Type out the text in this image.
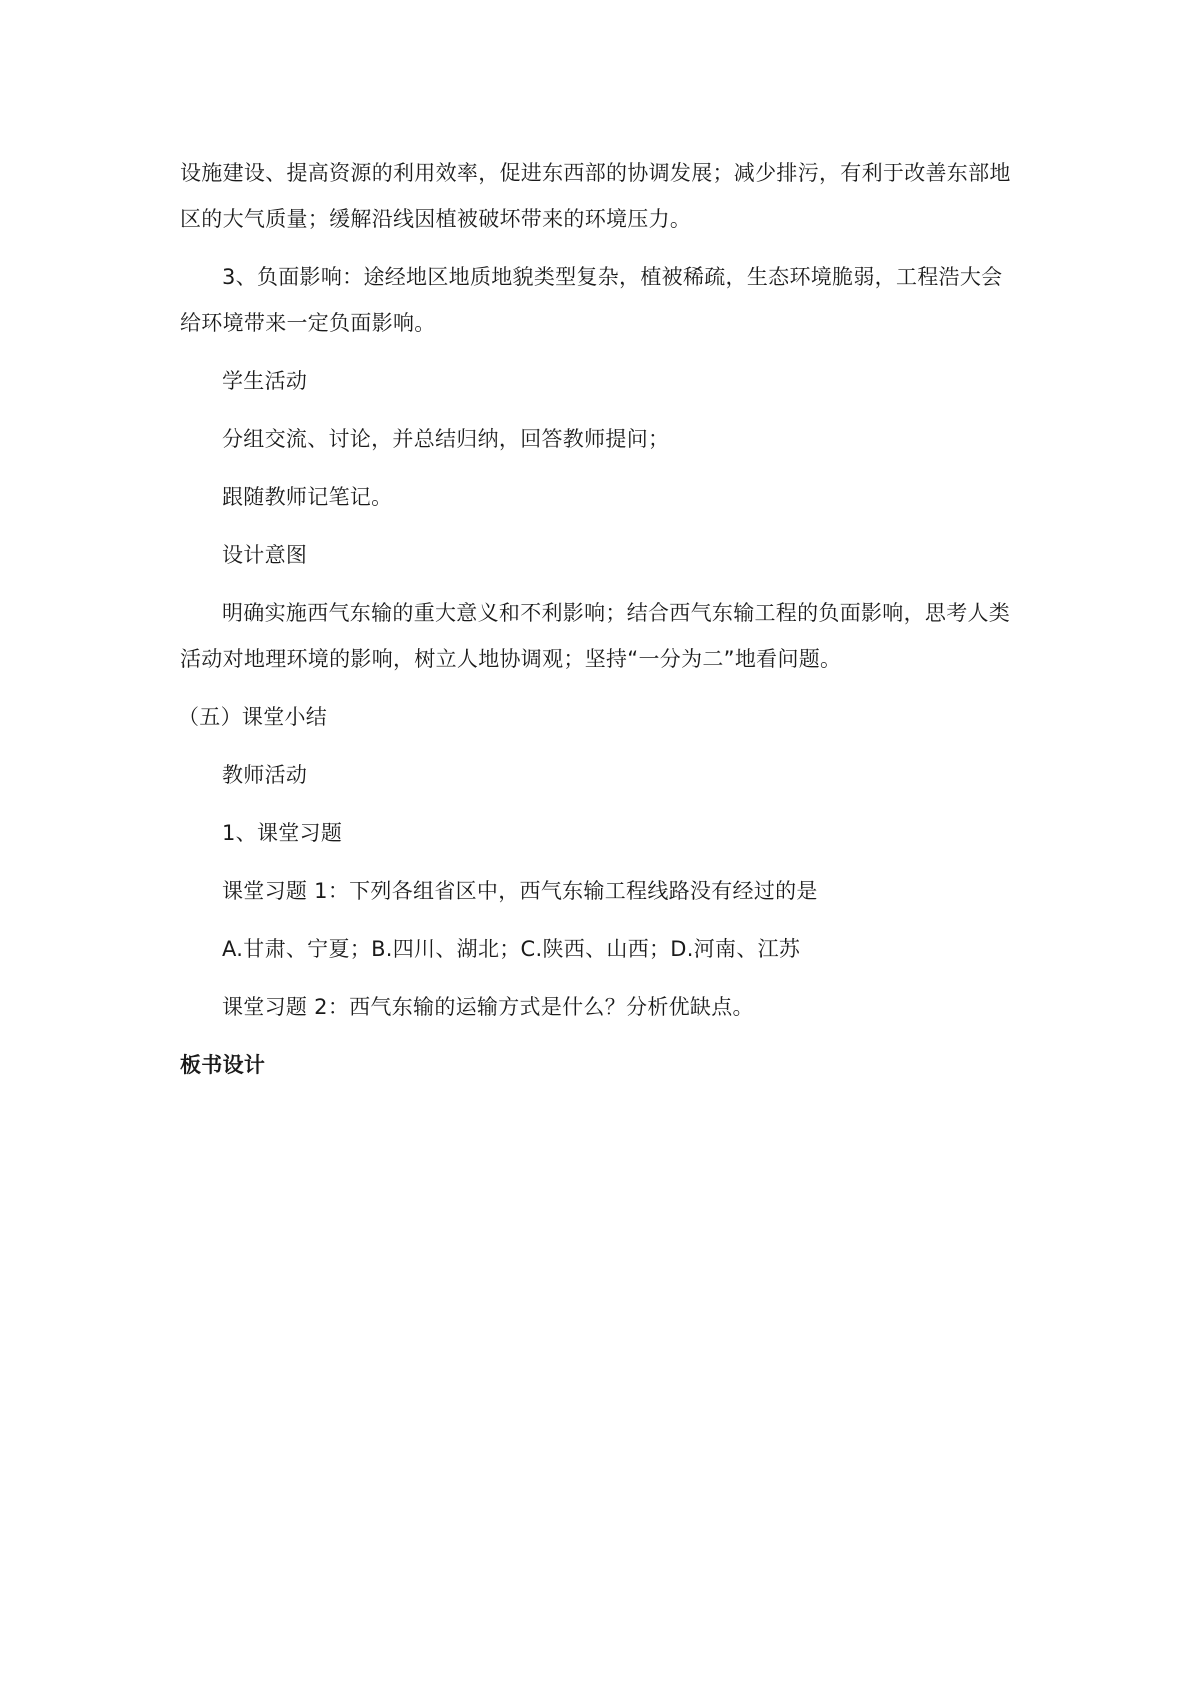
设施建设、提高资源的利用效率，促进东西部的协调发展；减少排污，有利于改善东部地区的大气质量；缓解沿线因植被破坏带来的环境压力。

3、负面影响：途经地区地质地貌类型复杂，植被稀疏，生态环境脆弱，工程浩大会给环境带来一定负面影响。

学生活动

分组交流、讨论，并总结归纳，回答教师提问；

跟随教师记笔记。

设计意图

明确实施西气东输的重大意义和不利影响；结合西气东输工程的负面影响，思考人类活动对地理环境的影响，树立人地协调观；坚持“一分为二”地看问题。

（五）课堂小结

教师活动

1、课堂习题

课堂习题 1：下列各组省区中，西气东输工程线路没有经过的是

A.甘肃、宁夏；B.四川、湖北；C.陕西、山西；D.河南、江苏

课堂习题 2：西气东输的运输方式是什么？分析优缺点。

板书设计
